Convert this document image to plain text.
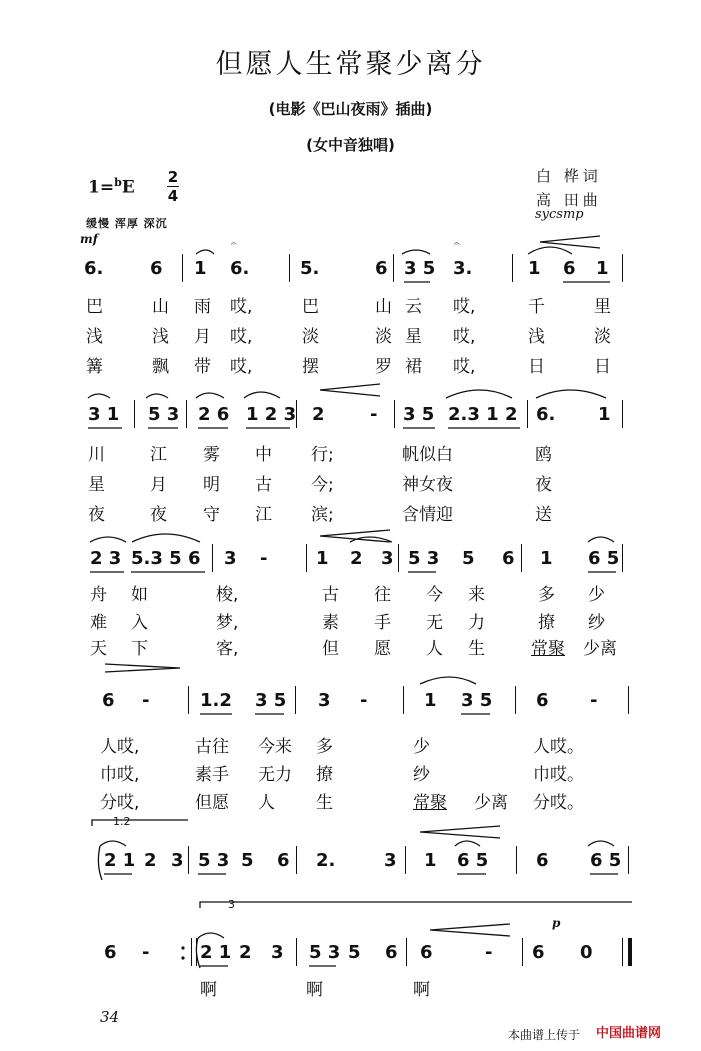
但愿人生常聚少离分
(电影《巴山夜雨》插曲)
(女中音独唱)
白 桦词
高 田曲
sycsmp
1=$^b$E
2
4
缓慢 浑厚 深沉
mf
6.	6 1 6.	5.	6 3 5 3.	1 6 1
巴	山 雨 哎,	巴	山 云 哎,	千	里
浅	浅 月 哎,	淡	淡 星 哎,	浅	淡
篝	飘 带 哎,	摆	罗 裙 哎,	日	日
3 1 5 3 2 6 1 2 3 2	- 3 5 2.3 1 2 6. 1
川	江 雾 中 行;	帆似白	鸥
星	月 明 古 今;	神女夜	夜
夜	夜 守 江 滨;	含情迎	送
2 3 5.3 5 6 3 -	1 2 3 5 3 5 6 1 6 5
舟 如	梭,	古 往 今 来	多 少
难 入	梦,	素 手 无 力	撩 纱
天 下	客,	但 愿 人 生	常聚 少离
6 -	1.2 3 5 3 -	1 3 5 6 -
人哎,	古往 今来 多	少	人哎。
巾哎,	素手 无力 撩	纱	巾哎。
分哎,	但愿 人 生	常聚 少离 分哎。
1.2
2 1 2 3 5 3 5 6 2.	3 1 6 5	6 6 5
3
p
6 -	2 1 2 3 5 3 5 6 6	- 6 0
啊	啊	啊
34
本曲谱上传于 中国曲谱网
𝄐	𝄐
